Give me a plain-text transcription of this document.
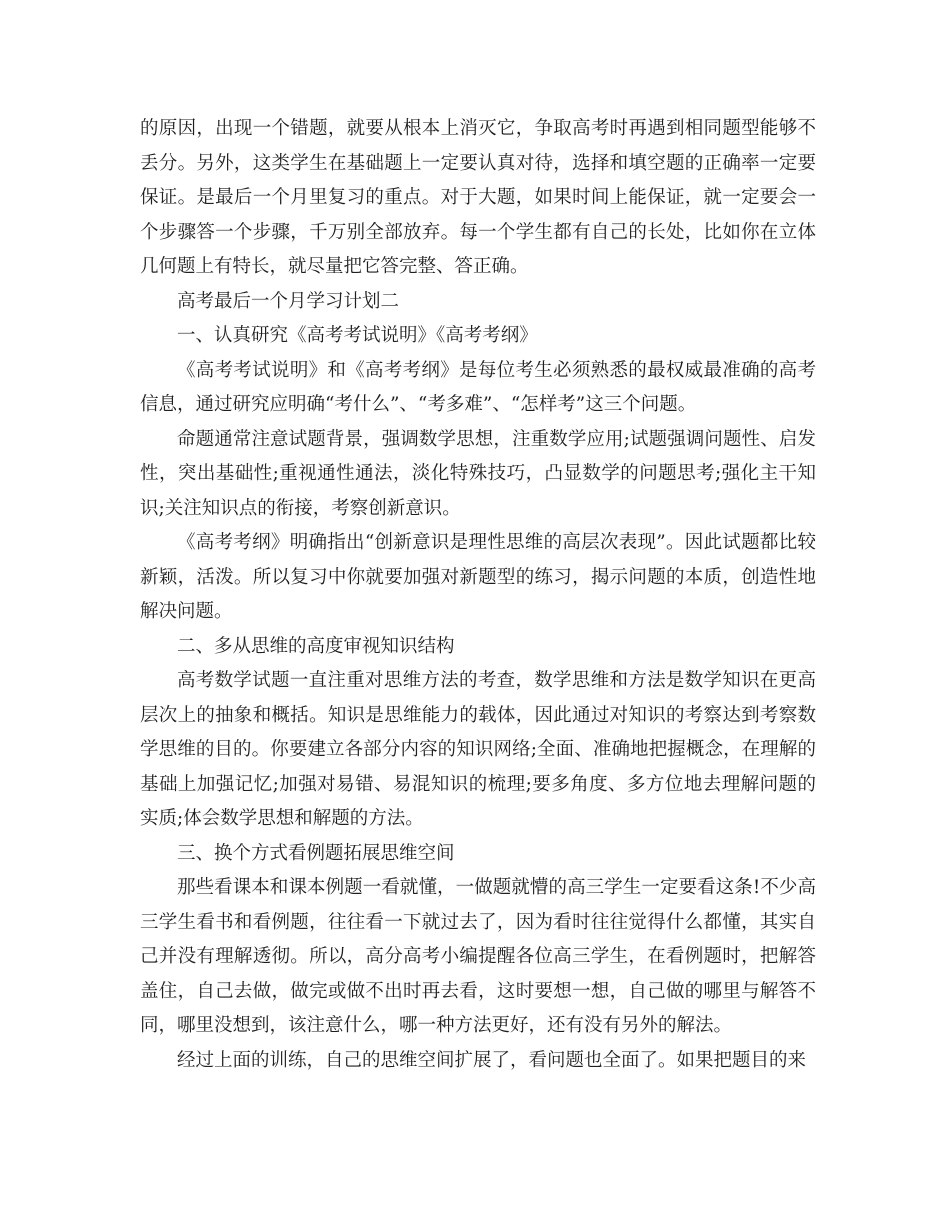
的原因，出现一个错题，就要从根本上消灭它，争取高考时再遇到相同题型能够不丢分。另外，这类学生在基础题上一定要认真对待，选择和填空题的正确率一定要保证。是最后一个月里复习的重点。对于大题，如果时间上能保证，就一定要会一个步骤答一个步骤，千万别全部放弃。每一个学生都有自己的长处，比如你在立体几何题上有特长，就尽量把它答完整、答正确。

高考最后一个月学习计划二

一、认真研究《高考考试说明》《高考考纲》

《高考考试说明》和《高考考纲》是每位考生必须熟悉的最权威最准确的高考信息，通过研究应明确“考什么”、“考多难”、“怎样考”这三个问题。

命题通常注意试题背景，强调数学思想，注重数学应用;试题强调问题性、启发性，突出基础性;重视通性通法，淡化特殊技巧，凸显数学的问题思考;强化主干知识;关注知识点的衔接，考察创新意识。

《高考考纲》明确指出“创新意识是理性思维的高层次表现”。因此试题都比较新颖，活泼。所以复习中你就要加强对新题型的练习，揭示问题的本质，创造性地解决问题。

二、多从思维的高度审视知识结构

高考数学试题一直注重对思维方法的考查，数学思维和方法是数学知识在更高层次上的抽象和概括。知识是思维能力的载体，因此通过对知识的考察达到考察数学思维的目的。你要建立各部分内容的知识网络;全面、准确地把握概念，在理解的基础上加强记忆;加强对易错、易混知识的梳理;要多角度、多方位地去理解问题的实质;体会数学思想和解题的方法。

三、换个方式看例题拓展思维空间

那些看课本和课本例题一看就懂，一做题就懵的高三学生一定要看这条!不少高三学生看书和看例题，往往看一下就过去了，因为看时往往觉得什么都懂，其实自己并没有理解透彻。所以，高分高考小编提醒各位高三学生，在看例题时，把解答盖住，自己去做，做完或做不出时再去看，这时要想一想，自己做的哪里与解答不同，哪里没想到，该注意什么，哪一种方法更好，还有没有另外的解法。

经过上面的训练，自己的思维空间扩展了，看问题也全面了。如果把题目的来
